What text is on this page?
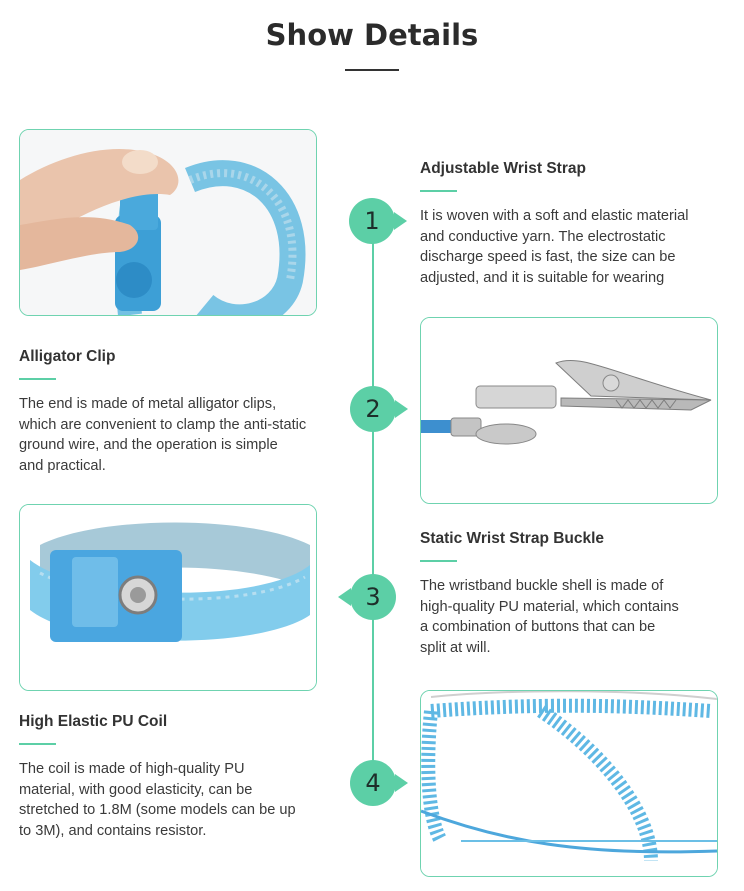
Show Details
1
Adjustable Wrist Strap

It is woven with a soft and elastic material
and conductive yarn. The electrostatic
discharge speed is fast, the size can be
adjusted, and it is suitable for wearing

Alligator Clip

The end is made of metal alligator clips,
which are convenient to clamp the anti-static
ground wire, and the operation is simple
and practical.

2
3
Static Wrist Strap Buckle

The wristband buckle shell is made of
high-quality PU material, which contains
a combination of buttons that can be
split at will.

High Elastic PU Coil

The coil is made of high-quality PU
material, with good elasticity, can be
stretched to 1.8M (some models can be up
to 3M), and contains resistor.

4
